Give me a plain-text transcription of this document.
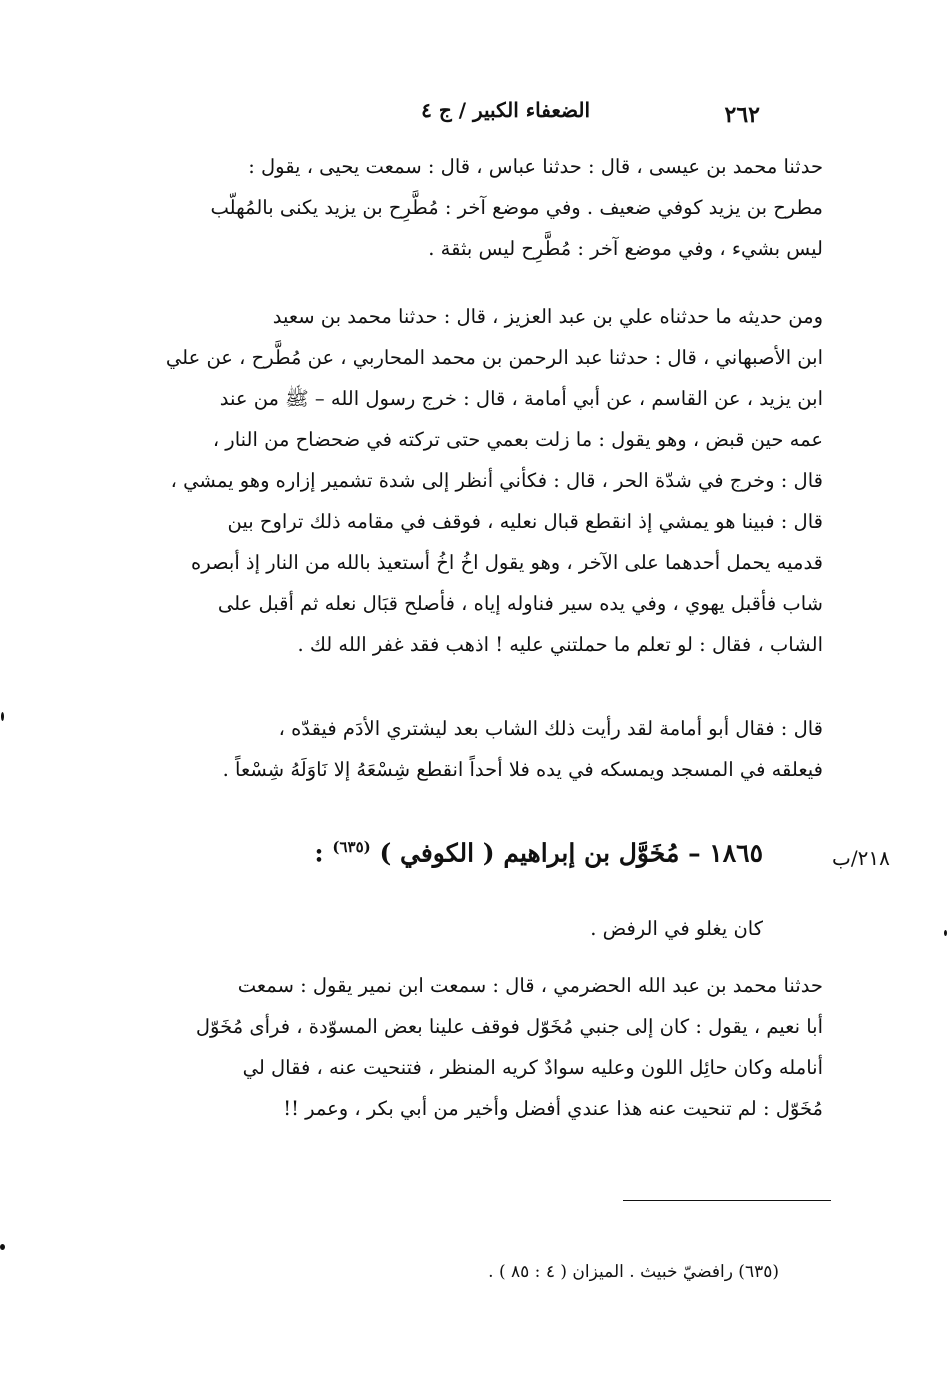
٢٦٢
الضعفاء الكبير / ج ٤
حدثنا محمد بن عيسى ، قال : حدثنا عباس ، قال : سمعت يحيى ، يقول :
مطرح بن يزيد كوفي ضعيف . وفي موضع آخر : مُطَّرِح بن يزيد يكنى بالمُهلّب
ليس بشيء ، وفي موضع آخر : مُطَّرِح ليس بثقة .
ومن حديثه ما حدثناه علي بن عبد العزيز ، قال : حدثنا محمد بن سعيد
ابن الأصبهاني ، قال : حدثنا عبد الرحمن بن محمد المحاربي ، عن مُطَّرح ، عن علي
ابن يزيد ، عن القاسم ، عن أبي أمامة ، قال : خرج رسول الله – ﷺ من عند
عمه حين قبض ، وهو يقول : ما زلت بعمي حتى تركته في ضحضاح من النار ،
قال : وخرج في شدّة الحر ، قال : فكأني أنظر إلى شدة تشمير إزاره وهو يمشي ،
قال : فبينا هو يمشي إذ انقطع قبال نعليه ، فوقف في مقامه ذلك تراوح بين
قدميه يحمل أحدهما على الآخر ، وهو يقول اخُ اخُ أستعيذ بالله من النار إذ أبصره
شاب فأقبل يهوي ، وفي يده سير فناوله إياه ، فأصلح قبَال نعله ثم أقبل على
الشاب ، فقال : لو تعلم ما حملتني عليه ! اذهب فقد غفر الله لك .
قال : فقال أبو أمامة لقد رأيت ذلك الشاب بعد ليشتري الأدَم فيقدّه ،
فيعلقه في المسجد ويمسكه في يده فلا أحداً انقطع شِسْعَهُ إلا نَاوَلَهُ شِسْعاً .
٢١٨/ب
١٨٦٥ – مُخَوَّل بن إبراهيم ( الكوفي ) $^{(٦٣٥)}$ :
كان يغلو في الرفض .
حدثنا محمد بن عبد الله الحضرمي ، قال : سمعت ابن نمير يقول : سمعت
أبا نعيم ، يقول : كان إلى جنبي مُخَوّل فوقف علينا بعض المسوّدة ، فرأى مُخَوّل
أنامله وكان حائِل اللون وعليه سوادٌ كريه المنظر ، فتنحيت عنه ، فقال لي
مُخَوّل : لم تنحيت عنه هذا عندي أفضل وأخير من أبي بكر ، وعمر !!
(٦٣٥) رافضيّ خبيث . الميزان ( ٤ : ٨٥ ) .
